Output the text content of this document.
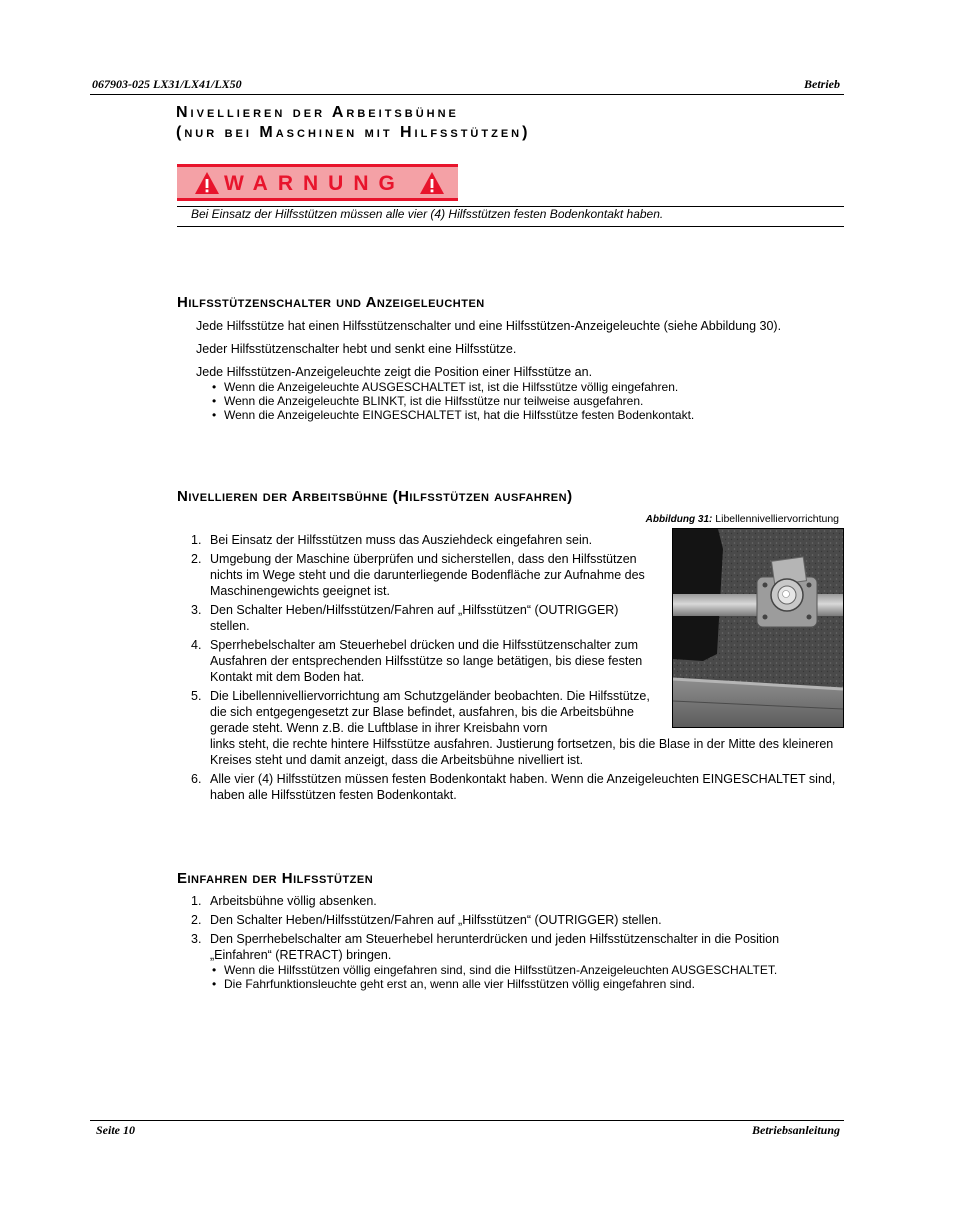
067903-025 LX31/LX41/LX50	Betrieb
Nivellieren der Arbeitsbühne
(nur bei Maschinen mit Hilfsstützen)
WARNUNG
Bei Einsatz der Hilfsstützen müssen alle vier (4) Hilfsstützen festen Bodenkontakt haben.
Hilfsstützenschalter und Anzeigeleuchten
Jede Hilfsstütze hat einen Hilfsstützenschalter und eine Hilfsstützen-Anzeigeleuchte (siehe Abbildung 30).
Jeder Hilfsstützenschalter hebt und senkt eine Hilfsstütze.
Jede Hilfsstützen-Anzeigeleuchte zeigt die Position einer Hilfsstütze an.
• Wenn die Anzeigeleuchte AUSGESCHALTET ist, ist die Hilfsstütze völlig eingefahren.
• Wenn die Anzeigeleuchte BLINKT, ist die Hilfsstütze nur teilweise ausgefahren.
• Wenn die Anzeigeleuchte EINGESCHALTET ist, hat die Hilfsstütze festen Bodenkontakt.
Nivellieren der Arbeitsbühne (Hilfsstützen ausfahren)
Abbildung 31: Libellennivelliervorrichtung
1. Bei Einsatz der Hilfsstützen muss das Ausziehdeck eingefahren sein.
2. Umgebung der Maschine überprüfen und sicherstellen, dass den Hilfsstützen nichts im Wege steht und die darunterliegende Bodenfläche zur Aufnahme des Maschinengewichts geeignet ist.
3. Den Schalter Heben/Hilfsstützen/Fahren auf „Hilfsstützen“ (OUTRIGGER) stellen.
4. Sperrhebelschalter am Steuerhebel drücken und die Hilfsstützenschalter zum Ausfahren der entsprechenden Hilfsstütze so lange betätigen, bis diese festen Kontakt mit dem Boden hat.
5. Die Libellennivelliervorrichtung am Schutzgeländer beobachten. Die Hilfsstütze, die sich entgegengesetzt zur Blase befindet, ausfahren, bis die Arbeitsbühne gerade steht. Wenn z.B. die Luftblase in ihrer Kreisbahn vorn
links steht, die rechte hintere Hilfsstütze ausfahren. Justierung fortsetzen, bis die Blase in der Mitte des kleineren Kreises steht und damit anzeigt, dass die Arbeitsbühne nivelliert ist.
6. Alle vier (4) Hilfsstützen müssen festen Bodenkontakt haben. Wenn die Anzeigeleuchten EINGESCHALTET sind, haben alle Hilfsstützen festen Bodenkontakt.
Einfahren der Hilfsstützen
1. Arbeitsbühne völlig absenken.
2. Den Schalter Heben/Hilfsstützen/Fahren auf „Hilfsstützen“ (OUTRIGGER) stellen.
3. Den Sperrhebelschalter am Steuerhebel herunterdrücken und jeden Hilfsstützenschalter in die Position „Einfahren“ (RETRACT) bringen.
• Wenn die Hilfsstützen völlig eingefahren sind, sind die Hilfsstützen-Anzeigeleuchten AUSGESCHALTET.
• Die Fahrfunktionsleuchte geht erst an, wenn alle vier Hilfsstützen völlig eingefahren sind.
Seite 10	Betriebsanleitung
